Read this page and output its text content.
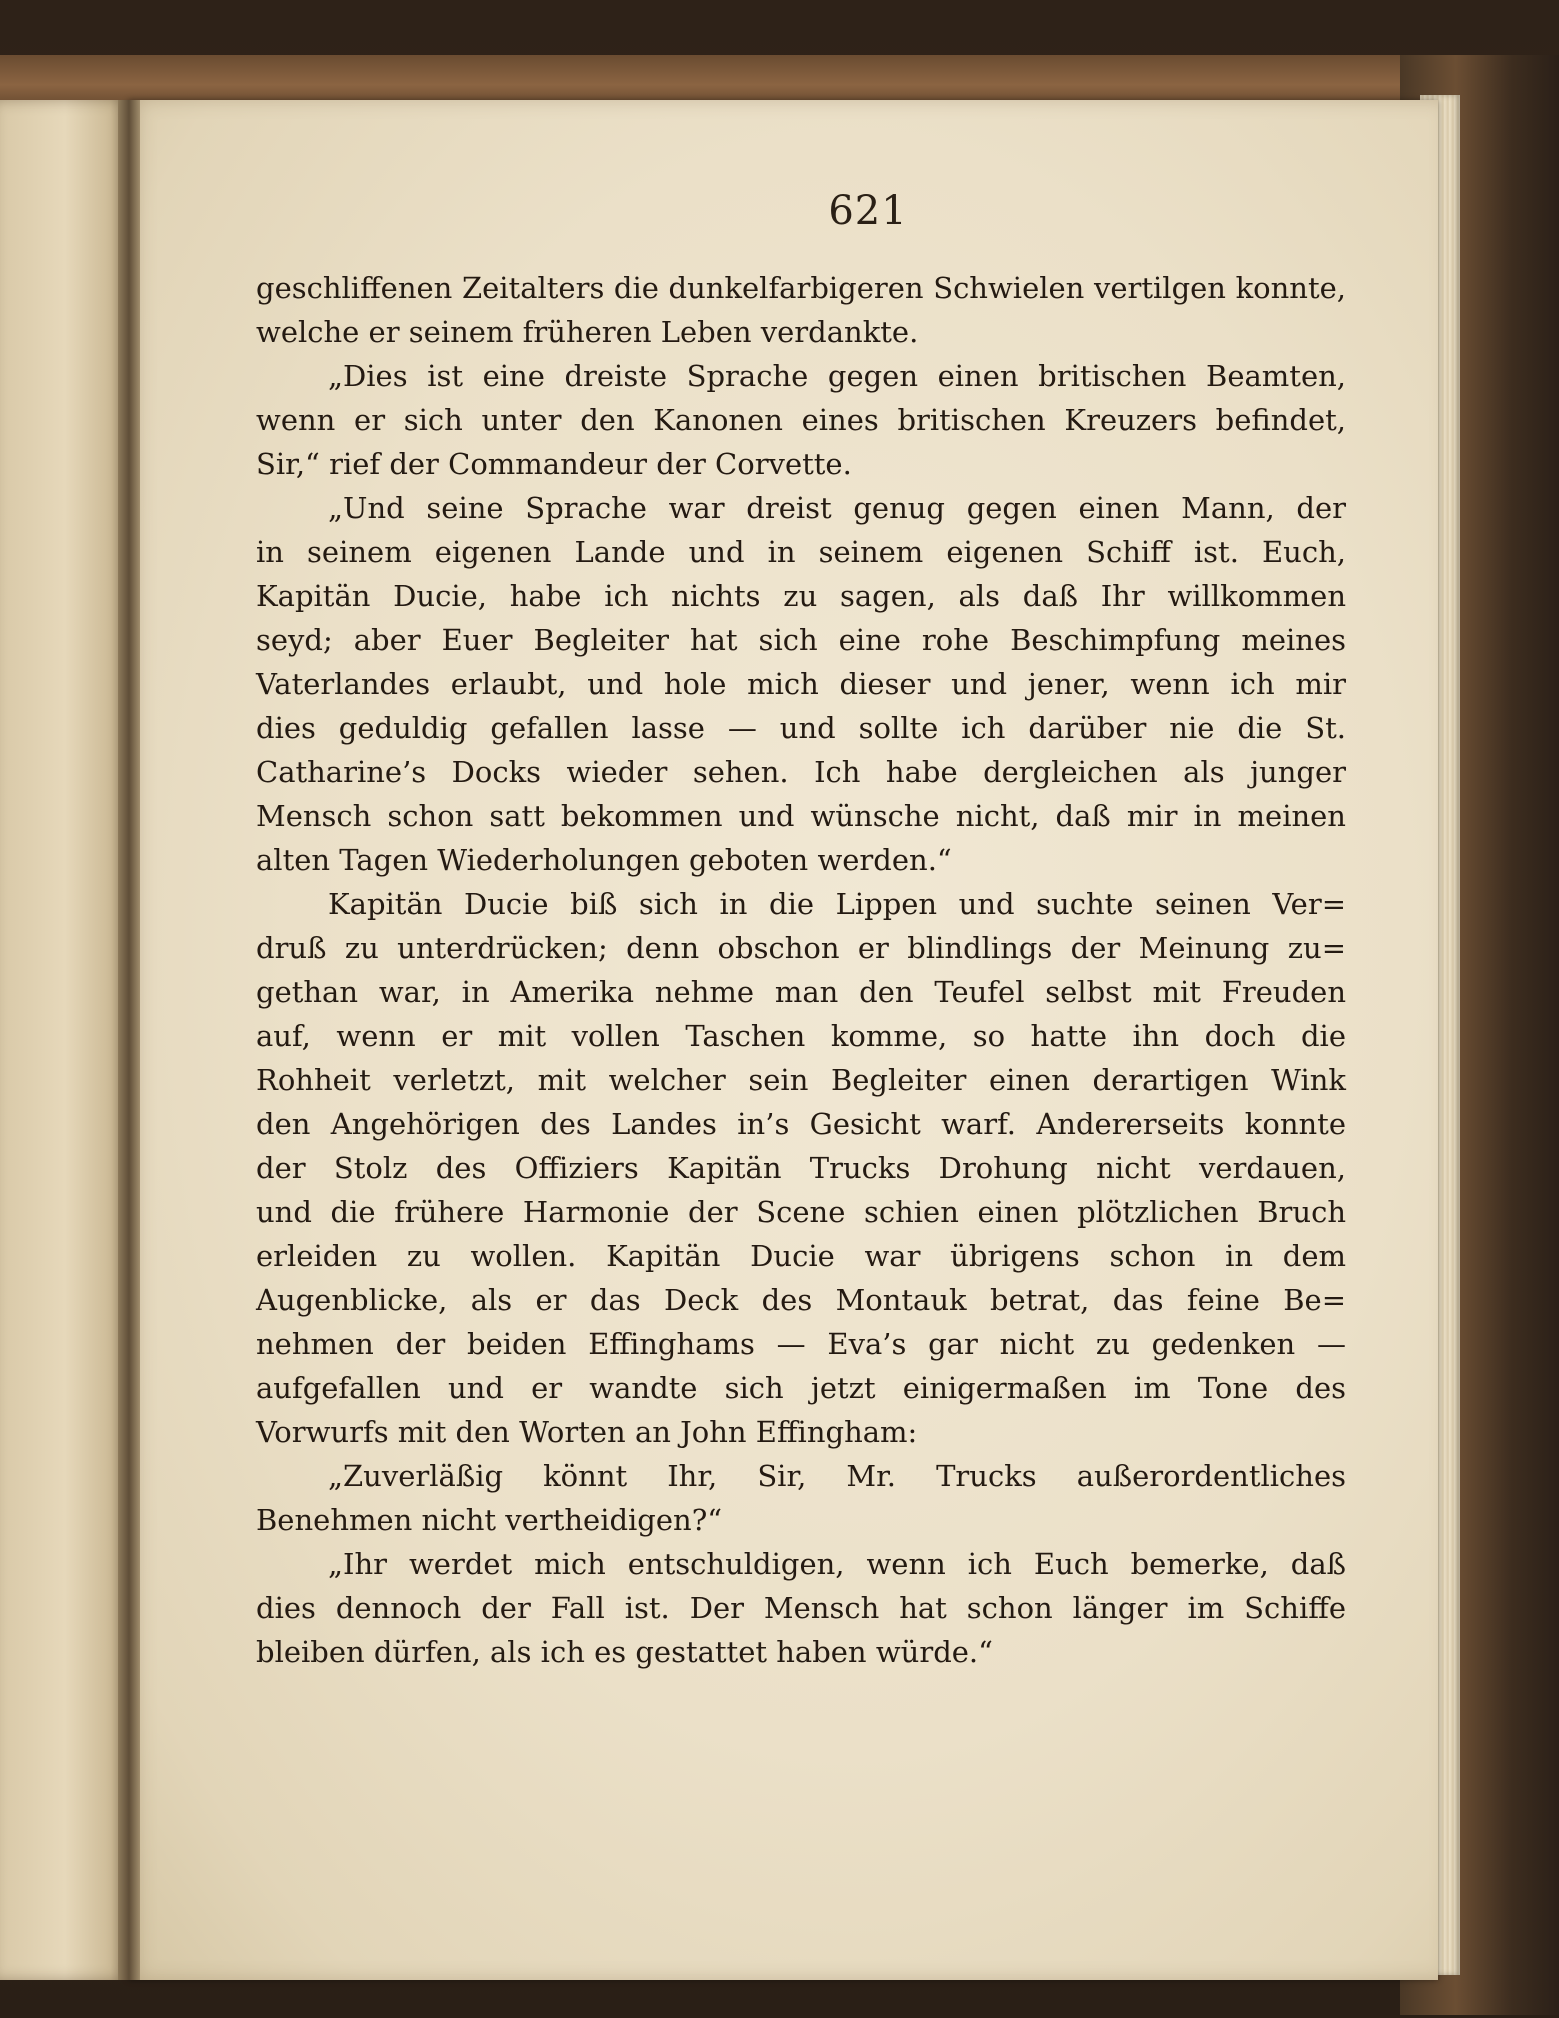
621
geschliffenen Zeitalters die dunkelfarbigeren Schwielen vertilgen konnte,
welche er seinem früheren Leben verdankte.
„Dies ist eine dreiste Sprache gegen einen britischen Beamten,
wenn er sich unter den Kanonen eines britischen Kreuzers befindet,
Sir,“ rief der Commandeur der Corvette.
„Und seine Sprache war dreist genug gegen einen Mann, der
in seinem eigenen Lande und in seinem eigenen Schiff ist. Euch,
Kapitän Ducie, habe ich nichts zu sagen, als daß Ihr willkommen
seyd; aber Euer Begleiter hat sich eine rohe Beschimpfung meines
Vaterlandes erlaubt, und hole mich dieser und jener, wenn ich mir
dies geduldig gefallen lasse — und sollte ich darüber nie die St.
Catharine’s Docks wieder sehen. Ich habe dergleichen als junger
Mensch schon satt bekommen und wünsche nicht, daß mir in meinen
alten Tagen Wiederholungen geboten werden.“
Kapitän Ducie biß sich in die Lippen und suchte seinen Ver=
druß zu unterdrücken; denn obschon er blindlings der Meinung zu=
gethan war, in Amerika nehme man den Teufel selbst mit Freuden
auf, wenn er mit vollen Taschen komme, so hatte ihn doch die
Rohheit verletzt, mit welcher sein Begleiter einen derartigen Wink
den Angehörigen des Landes in’s Gesicht warf. Andererseits konnte
der Stolz des Offiziers Kapitän Trucks Drohung nicht verdauen,
und die frühere Harmonie der Scene schien einen plötzlichen Bruch
erleiden zu wollen. Kapitän Ducie war übrigens schon in dem
Augenblicke, als er das Deck des Montauk betrat, das feine Be=
nehmen der beiden Effinghams — Eva’s gar nicht zu gedenken —
aufgefallen und er wandte sich jetzt einigermaßen im Tone des
Vorwurfs mit den Worten an John Effingham:
„Zuverläßig könnt Ihr, Sir, Mr. Trucks außerordentliches
Benehmen nicht vertheidigen?“
„Ihr werdet mich entschuldigen, wenn ich Euch bemerke, daß
dies dennoch der Fall ist. Der Mensch hat schon länger im Schiffe
bleiben dürfen, als ich es gestattet haben würde.“
